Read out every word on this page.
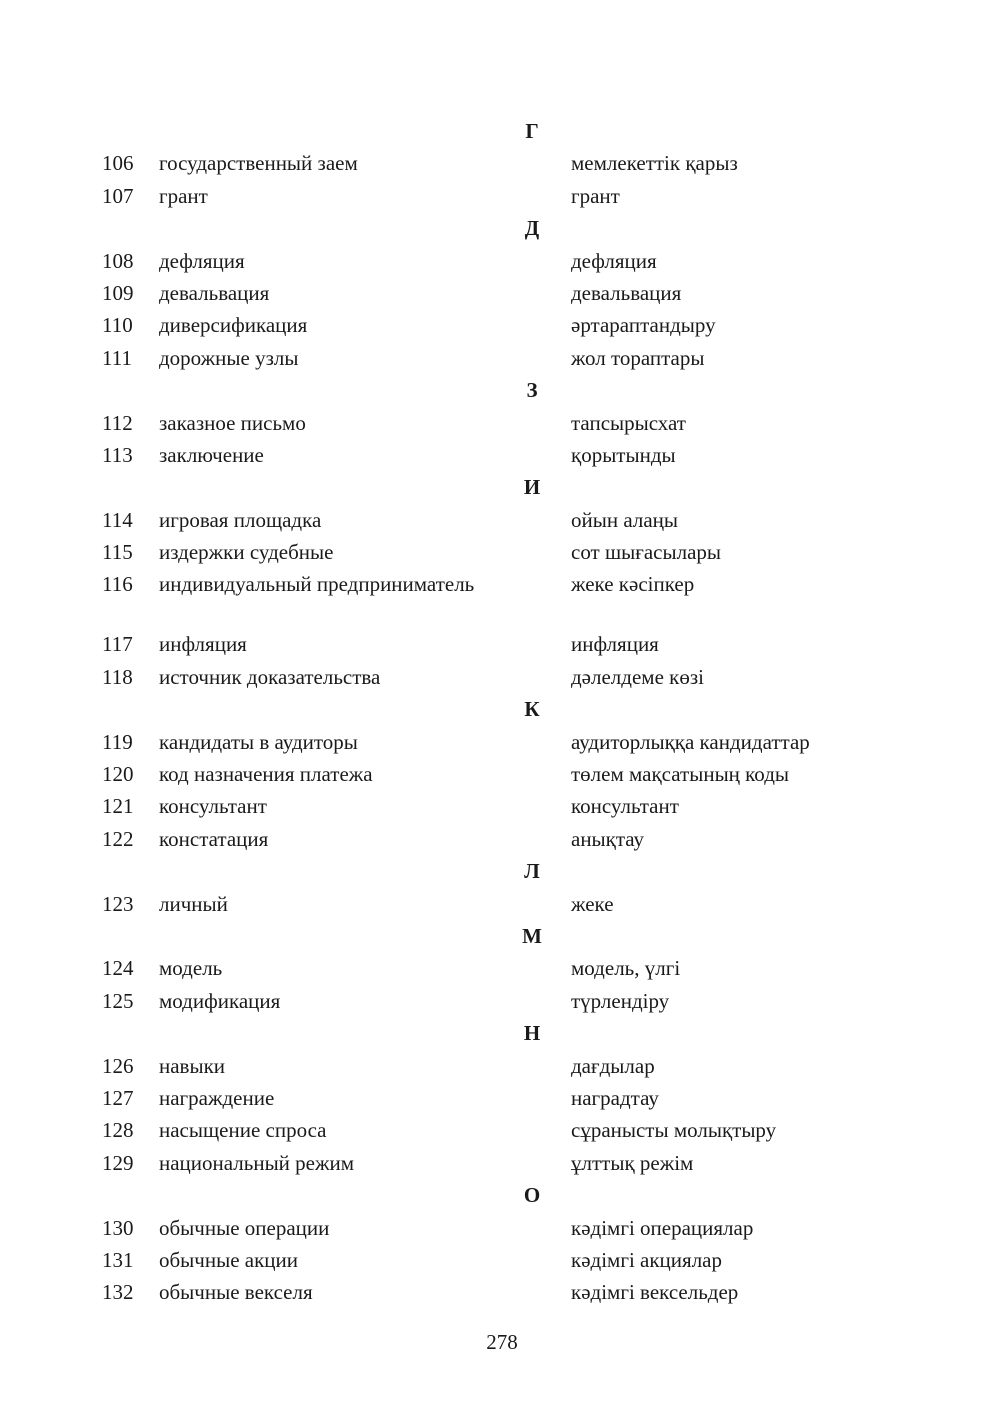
Г
106 государственный заем	мемлекеттік қарыз
107 грант	грант
Д
108 дефляция	дефляция
109 девальвация	девальвация
110 диверсификация	әртараптандыру
111 дорожные узлы	жол тораптары
З
112 заказное письмо	тапсырысхат
113 заключение	қорытынды
И
114 игровая площадка	ойын алаңы
115 издержки судебные	сот шығасылары
116 индивидуальный предприниматель	жеке кәсіпкер
117 инфляция	инфляция
118 источник доказательства	дәлелдеме көзі
К
119 кандидаты в аудиторы	аудиторлыққа кандидаттар
120 код назначения платежа	төлем мақсатының коды
121 консультант	консультант
122 констатация	анықтау
Л
123 личный	жеке
М
124 модель	модель, үлгі
125 модификация	түрлендіру
Н
126 навыки	дағдылар
127 награждение	наградтау
128 насыщение спроса	сұранысты молықтыру
129 национальный режим	ұлттық режім
О
130 обычные операции	кәдімгі операциялар
131 обычные акции	кәдімгі акциялар
132 обычные векселя	кәдімгі вексельдер
278
